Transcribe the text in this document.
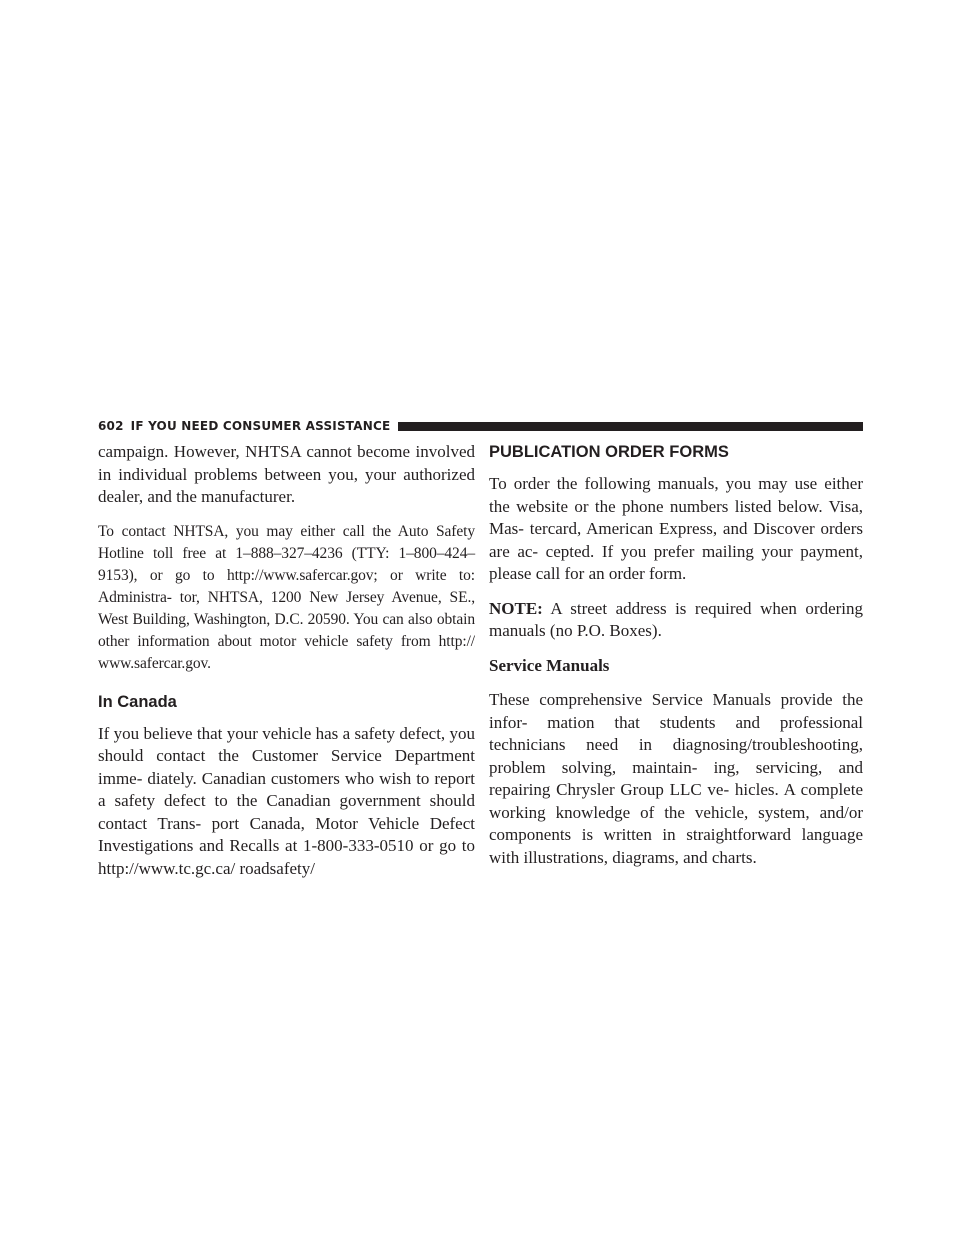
602 IF YOU NEED CONSUMER ASSISTANCE

campaign. However, NHTSA cannot become involved in individual problems between you, your authorized dealer, and the manufacturer.

To contact NHTSA, you may either call the Auto Safety Hotline toll free at 1–888–327–4236 (TTY: 1–800–424– 9153), or go to http://www.safercar.gov; or write to: Administra- tor, NHTSA, 1200 New Jersey Avenue, SE., West Building, Washington, D.C. 20590. You can also obtain other information about motor vehicle safety from http:// www.safercar.gov.

In Canada

If you believe that your vehicle has a safety defect, you should contact the Customer Service Department imme- diately. Canadian customers who wish to report a safety defect to the Canadian government should contact Trans- port Canada, Motor Vehicle Defect Investigations and Recalls at 1-800-333-0510 or go to http://www.tc.gc.ca/ roadsafety/

PUBLICATION ORDER FORMS

To order the following manuals, you may use either the website or the phone numbers listed below. Visa, Mas- tercard, American Express, and Discover orders are ac- cepted. If you prefer mailing your payment, please call for an order form.

NOTE: A street address is required when ordering manuals (no P.O. Boxes).

Service Manuals

These comprehensive Service Manuals provide the infor- mation that students and professional technicians need in diagnosing/troubleshooting, problem solving, maintain- ing, servicing, and repairing Chrysler Group LLC ve- hicles. A complete working knowledge of the vehicle, system, and/or components is written in straightforward language with illustrations, diagrams, and charts.
